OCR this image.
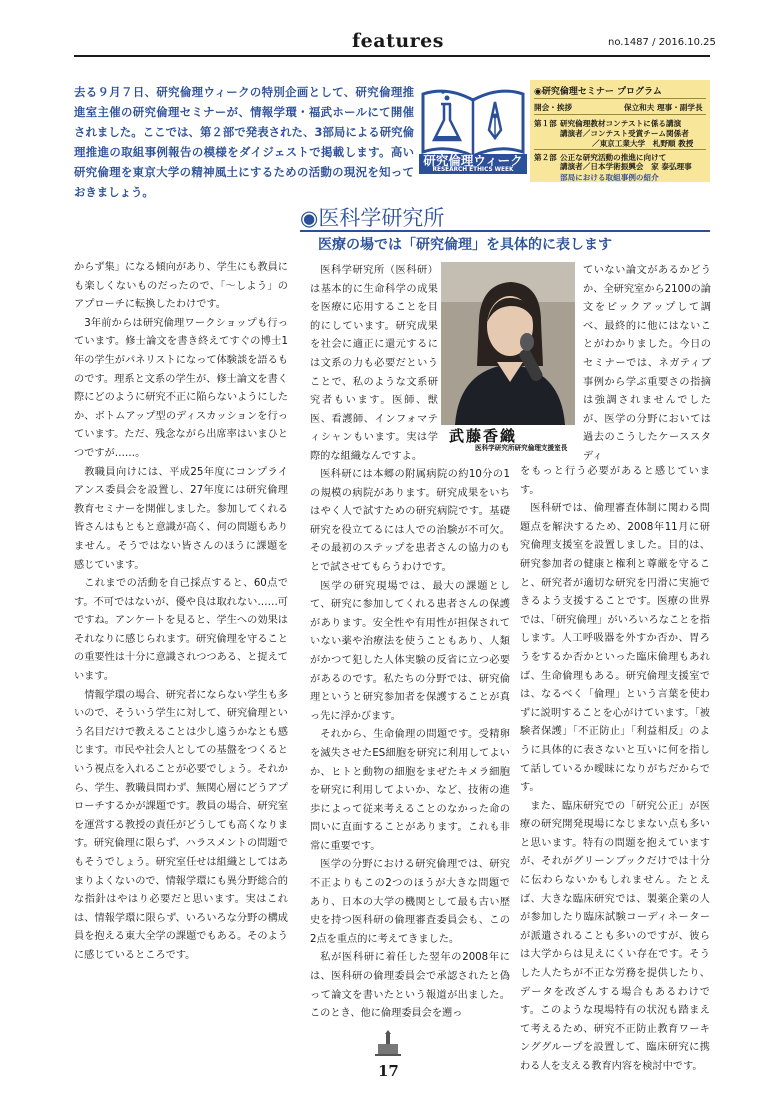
features	no.1487 / 2016.10.25
去る９月７日、研究倫理ウィークの特別企画として、研究倫理推進室主催の研究倫理セミナーが、情報学環・福武ホールにて開催されました。ここでは、第２部で発表された、3部局による研究倫理推進の取組事例報告の模様をダイジェストで掲載します。高い研究倫理を東京大学の精神風土にするための活動の現況を知っておきましょう。
研究倫理ウィーク
RESEARCH ETHICS WEEK
◉研究倫理セミナー プログラム
開会・挨拶	保立和夫 理事・副学長
第１部 研究倫理教材コンテストに係る講演
講演者／コンテスト受賞チーム関係者
／東京工業大学　札野順 教授
第２部 公正な研究活動の推進に向けて
講演者／日本学術振興会　家 泰弘理事
部局における取組事例の紹介
◉医科学研究所
医療の場では「研究倫理」を具体的に表します

からず集」になる傾向があり、学生にも教員にも楽しくないものだったので、「～しよう」のアプローチに転換したわけです。

3年前からは研究倫理ワークショップも行っています。修士論文を書き終えてすぐの博士1年の学生がパネリストになって体験談を語るものです。理系と文系の学生が、修士論文を書く際にどのように研究不正に陥らないようにしたか、ボトムアップ型のディスカッションを行っています。ただ、残念ながら出席率はいまひとつですが……。

教職員向けには、平成25年度にコンプライアンス委員会を設置し、27年度には研究倫理教育セミナーを開催しました。参加してくれる皆さんはもともと意識が高く、何の問題もありません。そうではない皆さんのほうに課題を感じています。

これまでの活動を自己採点すると、60点です。不可ではないが、優や良は取れない……可ですね。アンケートを見ると、学生への効果はそれなりに感じられます。研究倫理を守ることの重要性は十分に意識されつつある、と捉えています。

情報学環の場合、研究者にならない学生も多いので、そういう学生に対して、研究倫理という名目だけで教えることは少し遠うかなとも感じます。市民や社会人としての基盤をつくるという視点を入れることが必要でしょう。それから、学生、教職員問わず、無関心層にどうアプローチするかが課題です。教員の場合、研究室を運営する教授の責任がどうしても高くなります。研究倫理に限らず、ハラスメントの問題でもそうでしょう。研究室任せは組織としてはあまりよくないので、情報学環にも異分野総合的な指針はやはり必要だと思います。実はこれは、情報学環に限らず、いろいろな分野の構成員を抱える東大全学の課題でもある。そのように感じているところです。

医科学研究所（医科研）は基本的に生命科学の成果を医療に応用することを目的にしています。研究成果を社会に適正に還元するには文系の力も必要だということで、私のような文系研究者もいます。医師、獣医、看護師、インフォマティシャンもいます。実は学際的な組織なんですよ。

武藤香織
医科学研究所研究倫理支援室長

医科研には本郷の附属病院の約10分の1の規模の病院があります。研究成果をいちはやく人で試すための研究病院です。基礎研究を役立てるには人での治験が不可欠。その最初のステップを患者さんの協力のもとで試させてもらうわけです。

医学の研究現場では、最大の課題として、研究に参加してくれる患者さんの保護があります。安全性や有用性が担保されていない薬や治療法を使うこともあり、人類がかつて犯した人体実験の反省に立つ必要があるのです。私たちの分野では、研究倫理というと研究参加者を保護することが真っ先に浮かびます。

それから、生命倫理の問題です。受精卵を滅失させたES細胞を研究に利用してよいか、ヒトと動物の細胞をまぜたキメラ細胞を研究に利用してよいか、など、技術の進歩によって従来考えることのなかった命の問いに直面することがあります。これも非常に重要です。

医学の分野における研究倫理では、研究不正よりもこの2つのほうが大きな問題であり、日本の大学の機関として最も古い歴史を持つ医科研の倫理審査委員会も、この2点を重点的に考えてきました。

私が医科研に着任した翌年の2008年には、医科研の倫理委員会で承認されたと偽って論文を書いたという報道が出ました。このとき、他に倫理委員会を遡っ

ていない論文があるかどうか、全研究室から2100の論文をピックアップして調べ、最終的に他にはないことがわかりました。今日のセミナーでは、ネガティブ事例から学ぶ重要さの指摘は強調されませんでしたが、医学の分野においては過去のこうしたケーススタディ

をもっと行う必要があると感じています。

医科研では、倫理審査体制に関わる問題点を解決するため、2008年11月に研究倫理支援室を設置しました。目的は、研究参加者の健康と権利と尊厳を守ること、研究者が適切な研究を円滑に実施できるよう支援することです。医療の世界では、「研究倫理」がいろいろなことを指します。人工呼吸器を外すか否か、胃ろうをするか否かといった臨床倫理もあれば、生命倫理もある。研究倫理支援室では、なるべく「倫理」という言葉を使わずに説明することを心がけています。「被験者保護」「不正防止」「利益相反」のように具体的に表さないと互いに何を指して話しているか曖昧になりがちだからです。

また、臨床研究での「研究公正」が医療の研究開発現場になじまない点も多いと思います。特有の問題を抱えていますが、それがグリーンブックだけでは十分に伝わらないかもしれません。たとえば、大きな臨床研究では、製薬企業の人が参加したり臨床試験コーディネーターが派遣されることも多いのですが、彼らは大学からは見えにくい存在です。そうした人たちが不正な労務を提供したり、データを改ざんする場合もあるわけです。このような現場特有の状況も踏まえて考えるため、研究不正防止教育ワーキンググループを設置して、臨床研究に携わる人を支える教育内容を検討中です。

17
